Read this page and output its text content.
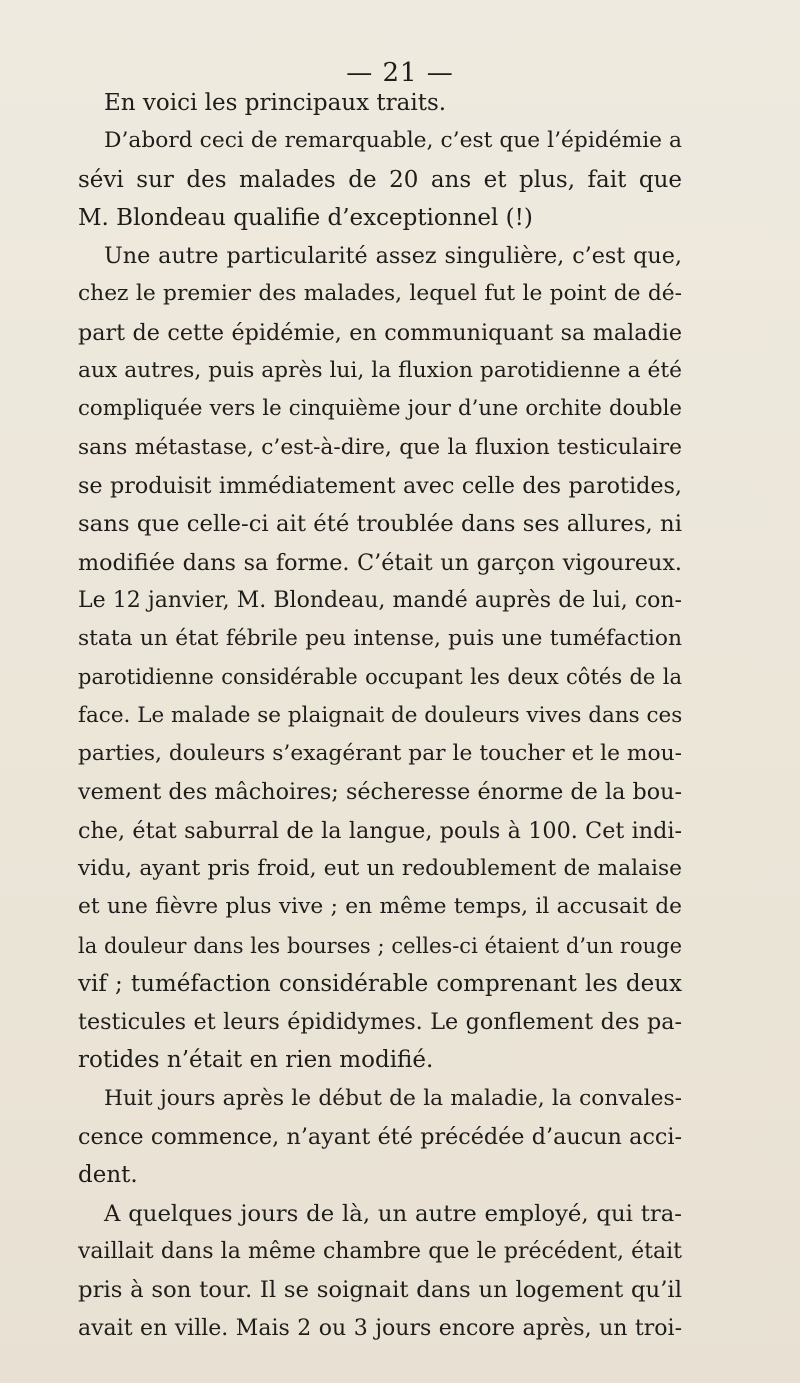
— 21 —
En voici les principaux traits.
D’abord ceci de remarquable, c’est que l’épidémie a
sévi sur des malades de 20 ans et plus, fait que
M. Blondeau qualifie d’exceptionnel (!)
Une autre particularité assez singulière, c’est que,
chez le premier des malades, lequel fut le point de dé-
part de cette épidémie, en communiquant sa maladie
aux autres, puis après lui, la fluxion parotidienne a été
compliquée vers le cinquième jour d’une orchite double
sans métastase, c’est-à-dire, que la fluxion testiculaire
se produisit immédiatement avec celle des parotides,
sans que celle-ci ait été troublée dans ses allures, ni
modifiée dans sa forme. C’était un garçon vigoureux.
Le 12 janvier, M. Blondeau, mandé auprès de lui, con-
stata un état fébrile peu intense, puis une tuméfaction
parotidienne considérable occupant les deux côtés de la
face. Le malade se plaignait de douleurs vives dans ces
parties, douleurs s’exagérant par le toucher et le mou-
vement des mâchoires; sécheresse énorme de la bou-
che, état saburral de la langue, pouls à 100. Cet indi-
vidu, ayant pris froid, eut un redoublement de malaise
et une fièvre plus vive ; en même temps, il accusait de
la douleur dans les bourses ; celles-ci étaient d’un rouge
vif ; tuméfaction considérable comprenant les deux
testicules et leurs épididymes. Le gonflement des pa-
rotides n’était en rien modifié.
Huit jours après le début de la maladie, la convales-
cence commence, n’ayant été précédée d’aucun acci-
dent.
A quelques jours de là, un autre employé, qui tra-
vaillait dans la même chambre que le précédent, était
pris à son tour. Il se soignait dans un logement qu’il
avait en ville. Mais 2 ou 3 jours encore après, un troi-
